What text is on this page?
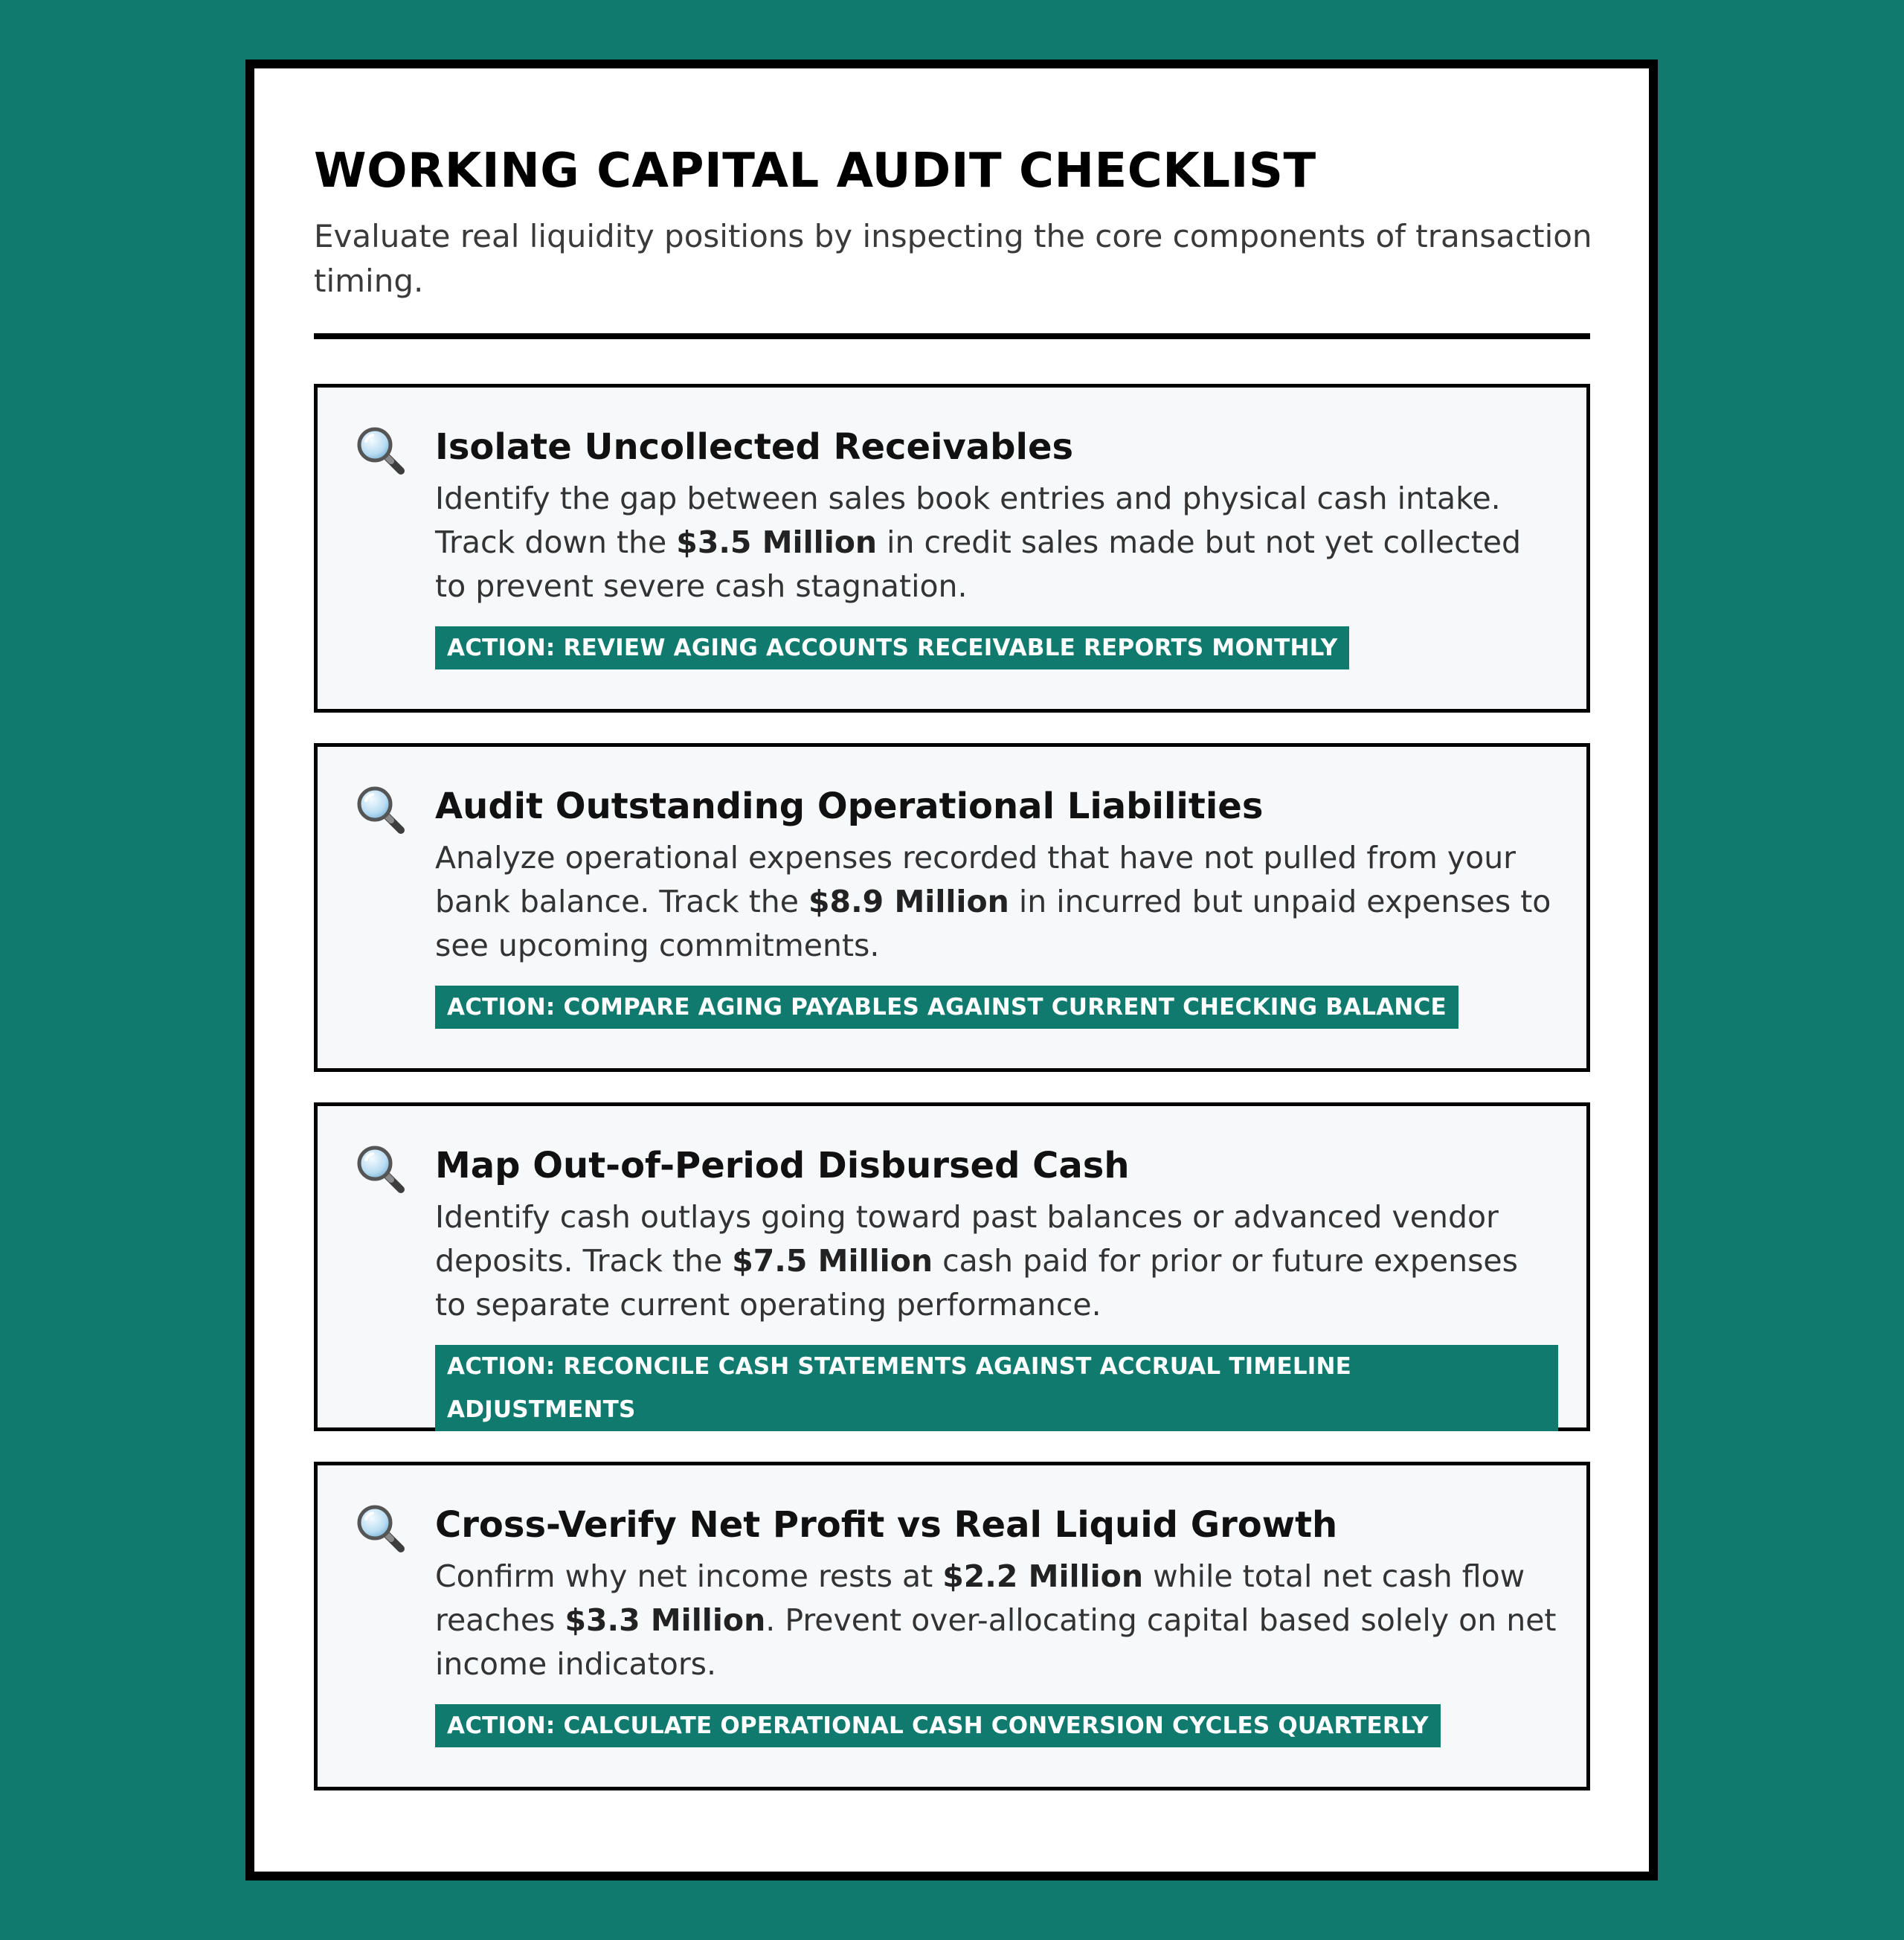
WORKING CAPITAL AUDIT CHECKLIST
Evaluate real liquidity positions by inspecting the core components of transaction timing.
Isolate Uncollected Receivables

Identify the gap between sales book entries and physical cash intake. Track down the $3.5 Million in credit sales made but not yet collected to prevent severe cash stagnation.

ACTION: REVIEW AGING ACCOUNTS RECEIVABLE REPORTS MONTHLY
Audit Outstanding Operational Liabilities

Analyze operational expenses recorded that have not pulled from your bank balance. Track the $8.9 Million in incurred but unpaid expenses to see upcoming commitments.

ACTION: COMPARE AGING PAYABLES AGAINST CURRENT CHECKING BALANCE
Map Out-of-Period Disbursed Cash

Identify cash outlays going toward past balances or advanced vendor deposits. Track the $7.5 Million cash paid for prior or future expenses to separate current operating performance.

ACTION: RECONCILE CASH STATEMENTS AGAINST ACCRUAL TIMELINE ADJUSTMENTS
Cross-Verify Net Profit vs Real Liquid Growth

Confirm why net income rests at $2.2 Million while total net cash flow reaches $3.3 Million. Prevent over-allocating capital based solely on net income indicators.

ACTION: CALCULATE OPERATIONAL CASH CONVERSION CYCLES QUARTERLY
